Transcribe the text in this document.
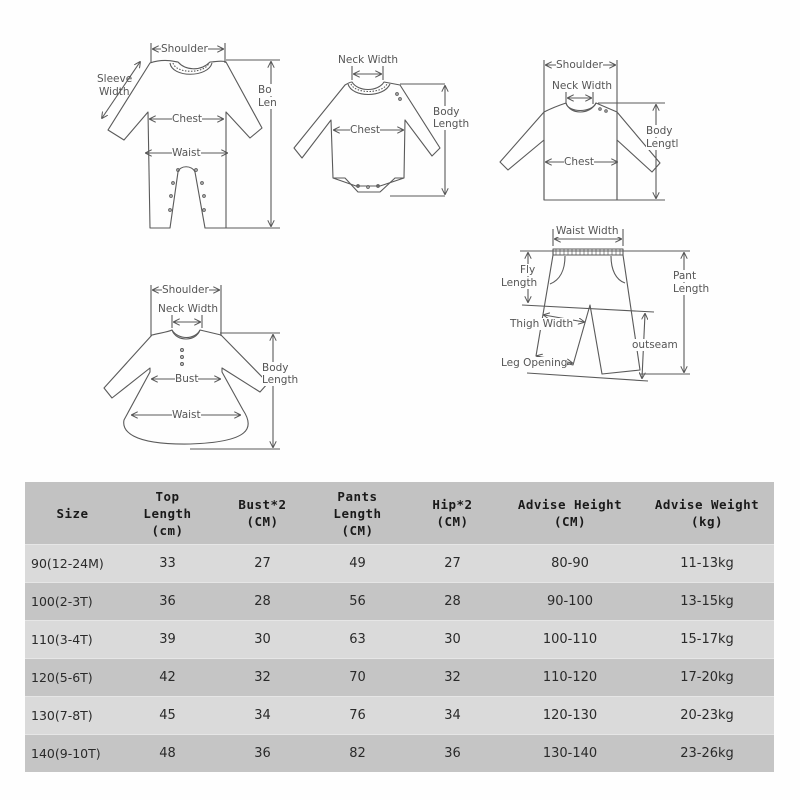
Shoulder
Sleeve
Width	Bo
Len
Chest
Waist
Neck Width
Body
Length
Chest
Shoulder
Neck Width
Body
Lengtl
Chest
Waist Width
Fly
Length
Pant
Length
Thigh Width
outseam
Leg Opening
Shoulder
Neck Width
Body
Length
Bust
Waist
Size	Top
Length
(cm)	Bust*2
(CM)	Pants
Length
(CM)	Hip*2
(CM)	Advise Height
(CM)	Advise Weight
(kg)

90(12-24M)	33	27	49	27	80-90	11-13kg
100(2-3T)	36	28	56	28	90-100	13-15kg
110(3-4T)	39	30	63	30	100-110	15-17kg
120(5-6T)	42	32	70	32	110-120	17-20kg
130(7-8T)	45	34	76	34	120-130	20-23kg
140(9-10T)	48	36	82	36	130-140	23-26kg
